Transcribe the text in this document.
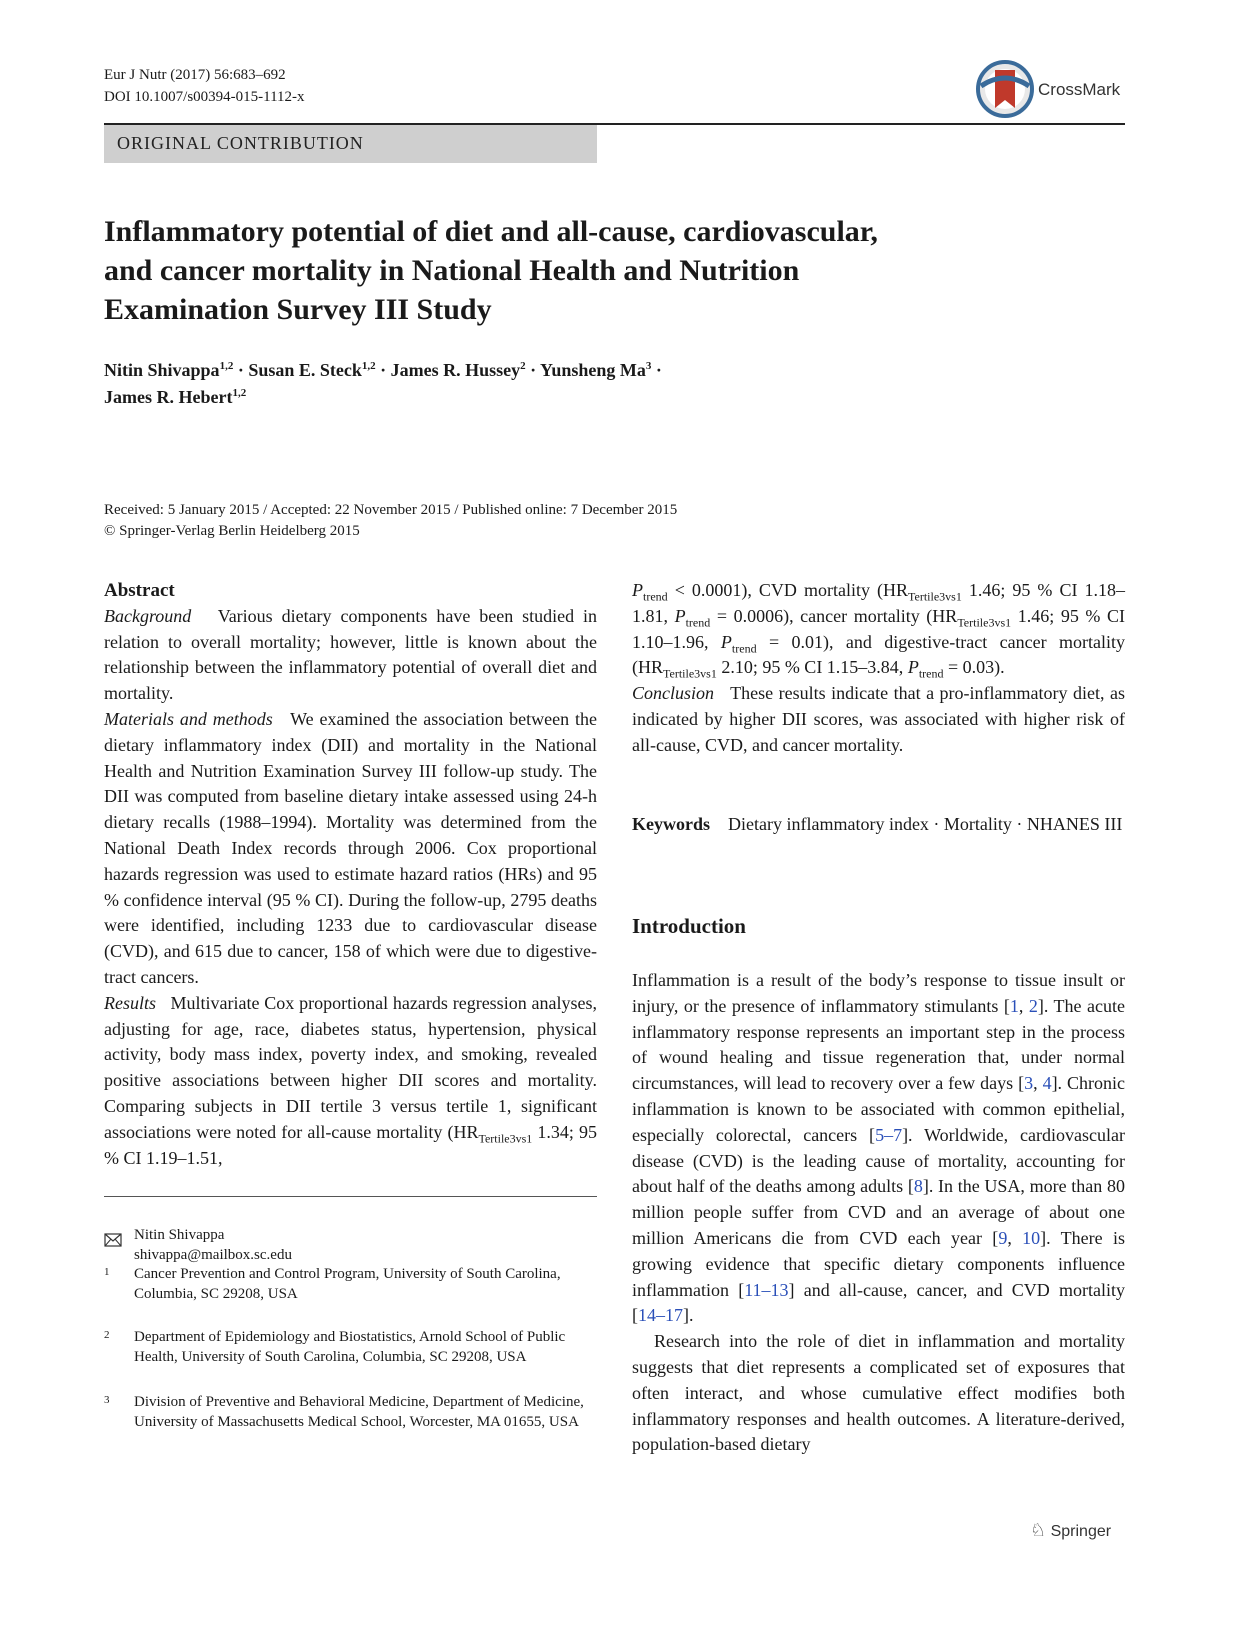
Eur J Nutr (2017) 56:683–692
DOI 10.1007/s00394-015-1112-x	CrossMark
ORIGINAL CONTRIBUTION
Inflammatory potential of diet and all-cause, cardiovascular,
and cancer mortality in National Health and Nutrition
Examination Survey III Study
Nitin Shivappa$^{1,2}$ · Susan E. Steck$^{1,2}$ · James R. Hussey$^2$ · Yunsheng $Ma^3$ ·
James R. Hebert$^{1,2}$
Received: 5 January 2015 / Accepted: 22 November 2015 / Published online: 7 December 2015
© Springer-Verlag Berlin Heidelberg 2015

Abstract

Background Various dietary components have been studied in relation to overall mortality; however, little is known about the relationship between the inflammatory potential of overall diet and mortality.

Materials and methods We examined the association between the dietary inflammatory index (DII) and mortality in the National Health and Nutrition Examination Survey III follow-up study. The DII was computed from baseline dietary intake assessed using 24-h dietary recalls (1988–1994). Mortality was determined from the National Death Index records through 2006. Cox proportional hazards regression was used to estimate hazard ratios (HRs) and 95 % confidence interval (95 % CI). During the follow-up, 2795 deaths were identified, including 1233 due to cardiovascular disease (CVD), and 615 due to cancer, 158 of which were due to digestive-tract cancers.

Results Multivariate Cox proportional hazards regression analyses, adjusting for age, race, diabetes status, hypertension, physical activity, body mass index, poverty index, and smoking, revealed positive associations between higher DII scores and mortality. Comparing subjects in DII tertile 3 versus tertile 1, significant associations were noted for all-cause mortality ($HR_{Tertile3vs1}$ 1.34; 95 % CI 1.19–1.51,

Nitin Shivappa
shivappa@mailbox.sc.edu
1 Cancer Prevention and Control Program, University of South Carolina, Columbia, SC 29208, USA
2 Department of Epidemiology and Biostatistics, Arnold School of Public Health, University of South Carolina, Columbia, SC 29208, USA
3 Division of Preventive and Behavioral Medicine, Department of Medicine, University of Massachusetts Medical School, Worcester, MA 01655, USA

$P_{trend} < 0.0001$), CVD mortality ($HR_{Tertile3vs1}$ 1.46; 95 % CI 1.18–1.81, $P_{trend} = 0.0006$), cancer mortality ($HR_{Tertile3vs1}$ 1.46; 95 % CI 1.10–1.96, $P_{trend} = 0.01$), and digestive-tract cancer mortality ($HR_{Tertile3vs1}$ 2.10; 95 % CI 1.15–3.84, $P_{trend} = 0.03$).

Conclusion These results indicate that a pro-inflammatory diet, as indicated by higher DII scores, was associated with higher risk of all-cause, CVD, and cancer mortality.

Keywords Dietary inflammatory index · Mortality · NHANES III
Introduction

Inflammation is a result of the body’s response to tissue insult or injury, or the presence of inflammatory stimulants [1, 2]. The acute inflammatory response represents an important step in the process of wound healing and tissue regeneration that, under normal circumstances, will lead to recovery over a few days [3, 4]. Chronic inflammation is known to be associated with common epithelial, especially colorectal, cancers [5–7]. Worldwide, cardiovascular disease (CVD) is the leading cause of mortality, accounting for about half of the deaths among adults [8]. In the USA, more than 80 million people suffer from CVD and an average of about one million Americans die from CVD each year [9, 10]. There is growing evidence that specific dietary components influence inflammation [11–13] and all-cause, cancer, and CVD mortality [14–17].

Research into the role of diet in inflammation and mortality suggests that diet represents a complicated set of exposures that often interact, and whose cumulative effect modifies both inflammatory responses and health outcomes. A literature-derived, population-based dietary

♘ Springer
